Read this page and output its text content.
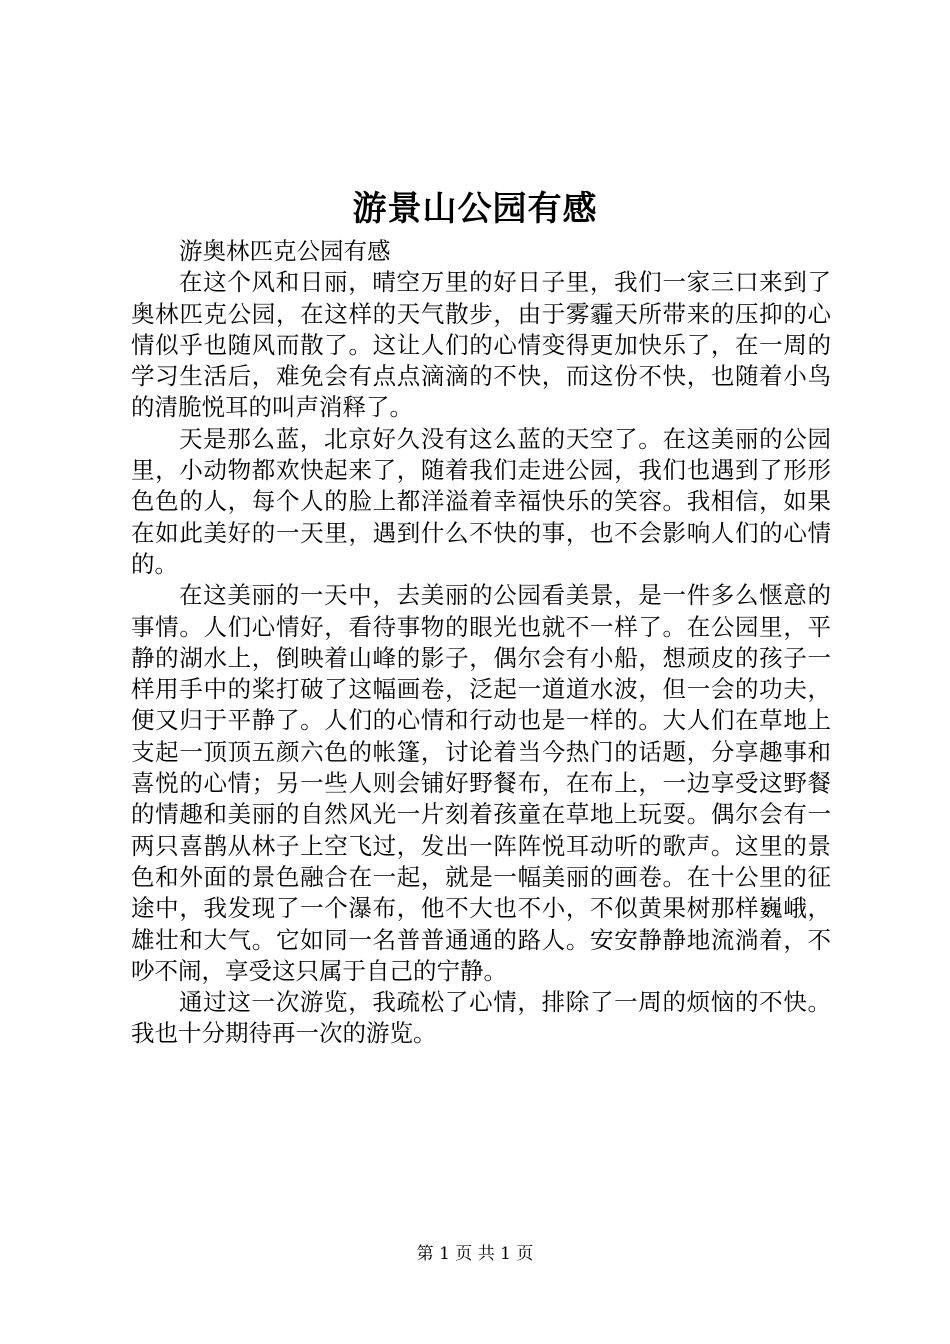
游景山公园有感

游奥林匹克公园有感

在这个风和日丽，晴空万里的好日子里，我们一家三口来到了奥林匹克公园，在这样的天气散步，由于雾霾天所带来的压抑的心情似乎也随风而散了。这让人们的心情变得更加快乐了，在一周的学习生活后，难免会有点点滴滴的不快，而这份不快，也随着小鸟的清脆悦耳的叫声消释了。

天是那么蓝，北京好久没有这么蓝的天空了。在这美丽的公园里，小动物都欢快起来了，随着我们走进公园，我们也遇到了形形色色的人，每个人的脸上都洋溢着幸福快乐的笑容。我相信，如果在如此美好的一天里，遇到什么不快的事，也不会影响人们的心情的。

在这美丽的一天中，去美丽的公园看美景，是一件多么惬意的事情。人们心情好，看待事物的眼光也就不一样了。在公园里，平静的湖水上，倒映着山峰的影子，偶尔会有小船，想顽皮的孩子一样用手中的桨打破了这幅画卷，泛起一道道水波，但一会的功夫，便又归于平静了。人们的心情和行动也是一样的。大人们在草地上支起一顶顶五颜六色的帐篷，讨论着当今热门的话题，分享趣事和喜悦的心情；另一些人则会铺好野餐布，在布上，一边享受这野餐的情趣和美丽的自然风光一片刻着孩童在草地上玩耍。偶尔会有一两只喜鹊从林子上空飞过，发出一阵阵悦耳动听的歌声。这里的景色和外面的景色融合在一起，就是一幅美丽的画卷。在十公里的征途中，我发现了一个瀑布，他不大也不小，不似黄果树那样巍峨，雄壮和大气。它如同一名普普通通的路人。安安静静地流淌着，不吵不闹，享受这只属于自己的宁静。

通过这一次游览，我疏松了心情，排除了一周的烦恼的不快。我也十分期待再一次的游览。

第 1 页 共 1 页
